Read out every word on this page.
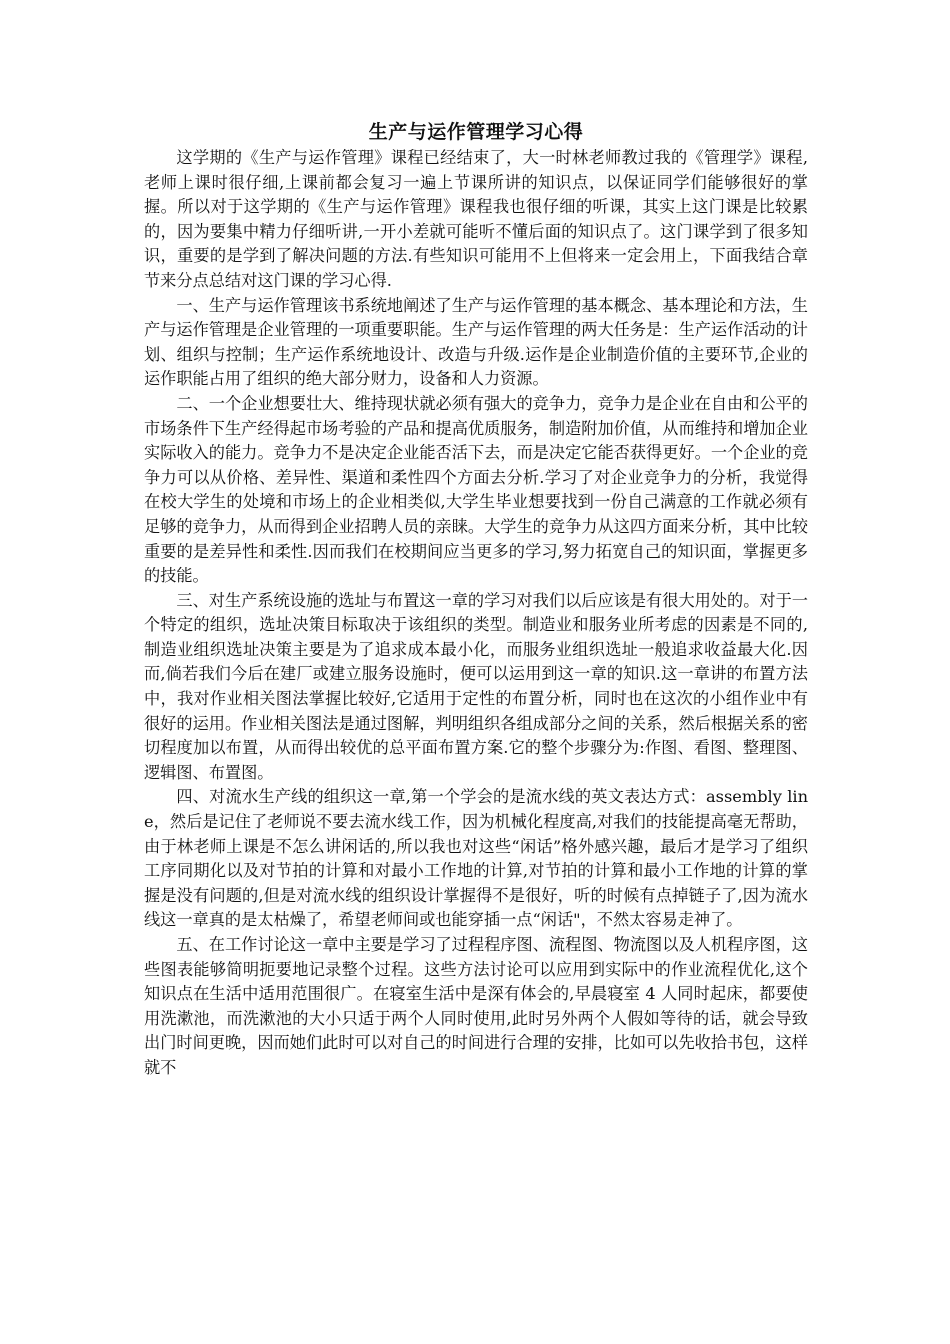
生产与运作管理学习心得

这学期的《生产与运作管理》课程已经结束了，大一时林老师教过我的《管理学》课程,老师上课时很仔细,上课前都会复习一遍上节课所讲的知识点，以保证同学们能够很好的掌握。所以对于这学期的《生产与运作管理》课程我也很仔细的听课，其实上这门课是比较累的，因为要集中精力仔细听讲,一开小差就可能听不懂后面的知识点了。这门课学到了很多知识，重要的是学到了解决问题的方法.有些知识可能用不上但将来一定会用上，下面我结合章节来分点总结对这门课的学习心得.

一、生产与运作管理该书系统地阐述了生产与运作管理的基本概念、基本理论和方法，生产与运作管理是企业管理的一项重要职能。生产与运作管理的两大任务是：生产运作活动的计划、组织与控制；生产运作系统地设计、改造与升级.运作是企业制造价值的主要环节,企业的运作职能占用了组织的绝大部分财力，设备和人力资源。

二、一个企业想要壮大、维持现状就必须有强大的竞争力，竞争力是企业在自由和公平的市场条件下生产经得起市场考验的产品和提高优质服务，制造附加价值，从而维持和增加企业实际收入的能力。竞争力不是决定企业能否活下去，而是决定它能否获得更好。一个企业的竞争力可以从价格、差异性、渠道和柔性四个方面去分析.学习了对企业竞争力的分析，我觉得在校大学生的处境和市场上的企业相类似,大学生毕业想要找到一份自己满意的工作就必须有足够的竞争力，从而得到企业招聘人员的亲睐。大学生的竞争力从这四方面来分析，其中比较重要的是差异性和柔性.因而我们在校期间应当更多的学习,努力拓宽自己的知识面，掌握更多的技能。

三、对生产系统设施的选址与布置这一章的学习对我们以后应该是有很大用处的。对于一个特定的组织，选址决策目标取决于该组织的类型。制造业和服务业所考虑的因素是不同的,制造业组织选址决策主要是为了追求成本最小化，而服务业组织选址一般追求收益最大化.因而,倘若我们今后在建厂或建立服务设施时，便可以运用到这一章的知识.这一章讲的布置方法中，我对作业相关图法掌握比较好,它适用于定性的布置分析，同时也在这次的小组作业中有很好的运用。作业相关图法是通过图解，判明组织各组成部分之间的关系，然后根据关系的密切程度加以布置，从而得出较优的总平面布置方案.它的整个步骤分为:作图、看图、整理图、逻辑图、布置图。

四、对流水生产线的组织这一章,第一个学会的是流水线的英文表达方式：assembly line，然后是记住了老师说不要去流水线工作，因为机械化程度高,对我们的技能提高毫无帮助，由于林老师上课是不怎么讲闲话的,所以我也对这些“闲话”格外感兴趣，最后才是学习了组织工序同期化以及对节拍的计算和对最小工作地的计算,对节拍的计算和最小工作地的计算的掌握是没有问题的,但是对流水线的组织设计掌握得不是很好，听的时候有点掉链子了,因为流水线这一章真的是太枯燥了，希望老师间或也能穿插一点“闲话"，不然太容易走神了。

五、在工作讨论这一章中主要是学习了过程程序图、流程图、物流图以及人机程序图，这些图表能够简明扼要地记录整个过程。这些方法讨论可以应用到实际中的作业流程优化,这个知识点在生活中适用范围很广。在寝室生活中是深有体会的,早晨寝室 4 人同时起床，都要使用洗漱池，而洗漱池的大小只适于两个人同时使用,此时另外两个人假如等待的话，就会导致出门时间更晚，因而她们此时可以对自己的时间进行合理的安排，比如可以先收拾书包，这样就不
